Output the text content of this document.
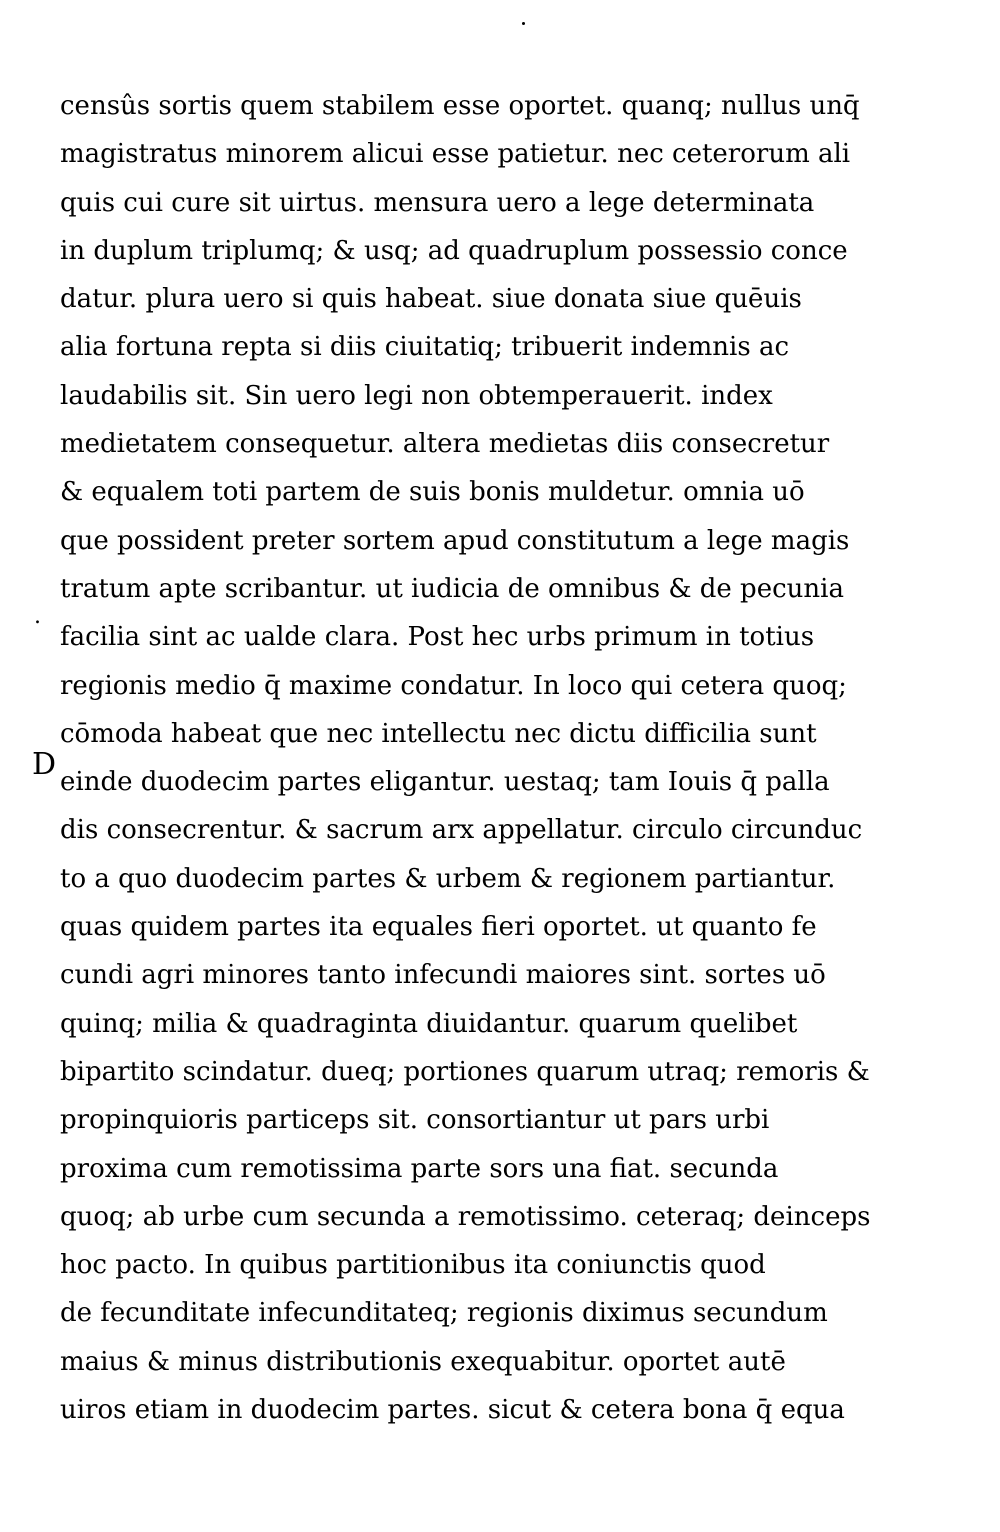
.
D
censûs sortis quem stabilem esse oportet. quanq; nullus unq̄
magistratus minorem alicui esse patietur. nec ceterorum ali
quis cui cure sit uirtus. mensura uero a lege determinata
in duplum triplumq; & usq; ad quadruplum possessio conce
datur. plura uero si quis habeat. siue donata siue quēuis
alia fortuna repta si diis ciuitatiq; tribuerit indemnis ac
laudabilis sit. Sin uero legi non obtemperauerit. index
medietatem consequetur. altera medietas diis consecretur
& equalem toti partem de suis bonis muldetur. omnia uō
que possident preter sortem apud constitutum a lege magis
tratum apte scribantur. ut iudicia de omnibus & de pecunia
facilia sint ac ualde clara. Post hec urbs primum in totius
regionis medio q̄ maxime condatur. In loco qui cetera quoq;
cōmoda habeat que nec intellectu nec dictu difficilia sunt
einde duodecim partes eligantur. uestaq; tam Iouis q̄ palla
dis consecrentur. & sacrum arx appellatur. circulo circunduc
to a quo duodecim partes & urbem & regionem partiantur.
quas quidem partes ita equales fieri oportet. ut quanto fe
cundi agri minores tanto infecundi maiores sint. sortes uō
quinq; milia & quadraginta diuidantur. quarum quelibet
bipartito scindatur. dueq; portiones quarum utraq; remoris &
propinquioris particeps sit. consortiantur ut pars urbi
proxima cum remotissima parte sors una fiat. secunda
quoq; ab urbe cum secunda a remotissimo. ceteraq; deinceps
hoc pacto. In quibus partitionibus ita coniunctis quod
de fecunditate infecunditateq; regionis diximus secundum
maius & minus distributionis exequabitur. oportet autē
uiros etiam in duodecim partes. sicut & cetera bona q̄ equa
